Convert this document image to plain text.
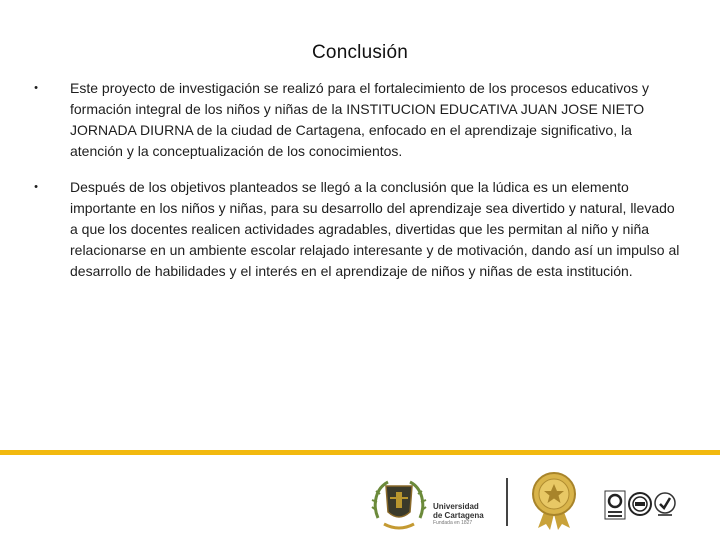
Conclusión
• Este proyecto de investigación se realizó para el fortalecimiento de los procesos educativos y formación integral de los niños y niñas de la INSTITUCION EDUCATIVA JUAN JOSE NIETO JORNADA DIURNA de la ciudad de Cartagena, enfocado en el aprendizaje significativo, la atención y la conceptualización de los conocimientos.
• Después de los objetivos planteados se llegó a la conclusión que la lúdica es un elemento importante en los niños y niñas, para su desarrollo del aprendizaje sea divertido y natural, llevado a que los docentes realicen actividades agradables, divertidas que les permitan al niño y niña relacionarse en un ambiente escolar relajado interesante y de motivación, dando así un impulso al desarrollo de habilidades y el interés en el aprendizaje de niños y niñas de esta institución.
Universidad
de Cartagena
Fundada en 1827
